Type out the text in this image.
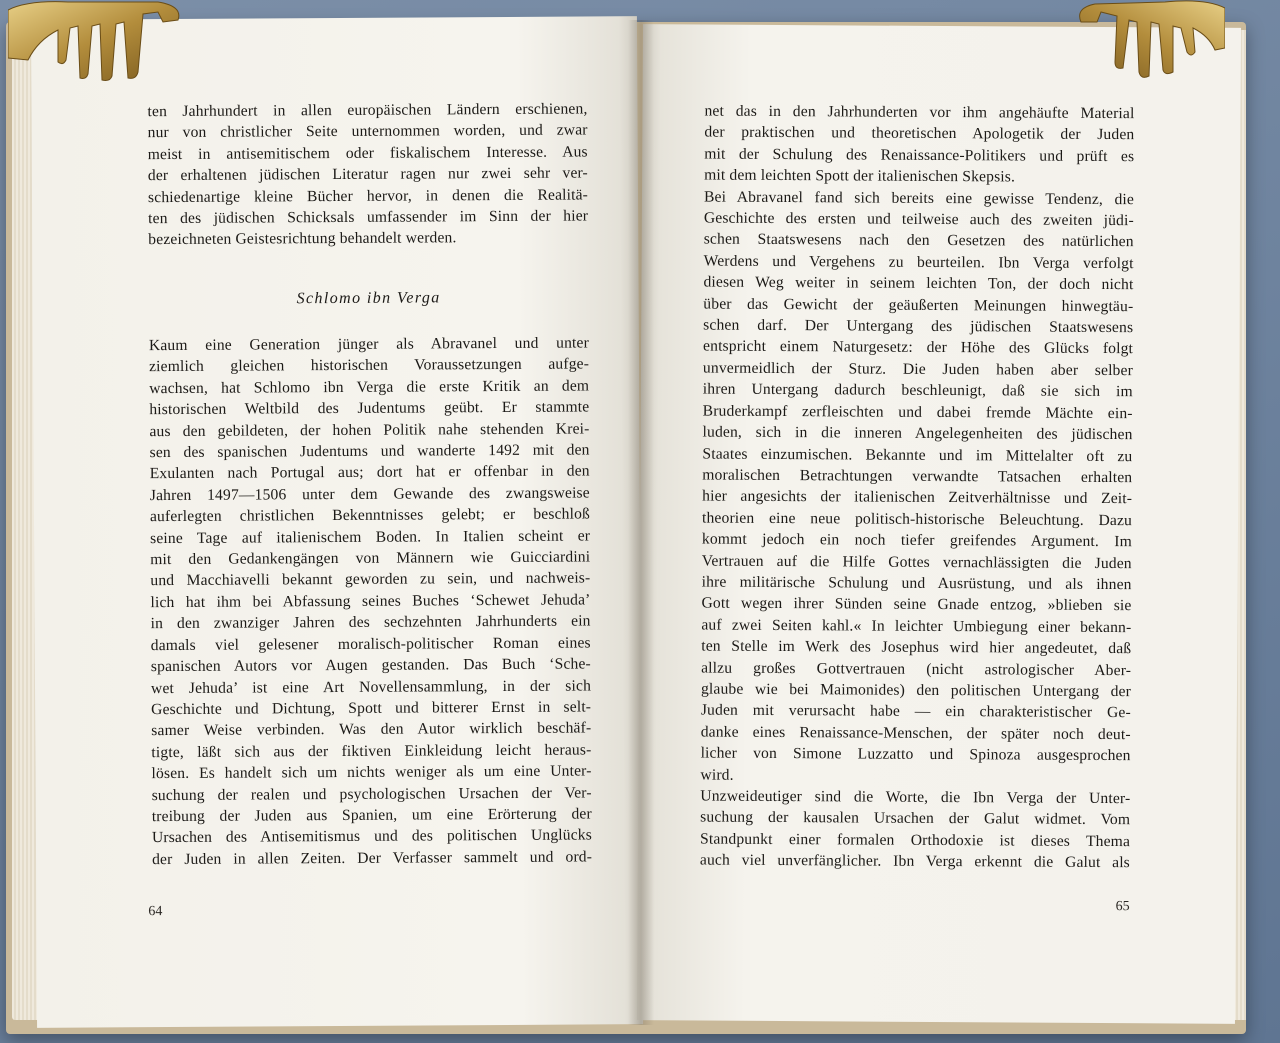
ten Jahrhundert in allen europäischen Ländern erschienen,
nur von christlicher Seite unternommen worden, und zwar
meist in antisemitischem oder fiskalischem Interesse. Aus
der erhaltenen jüdischen Literatur ragen nur zwei sehr ver-
schiedenartige kleine Bücher hervor, in denen die Realitä-
ten des jüdischen Schicksals umfassender im Sinn der hier
bezeichneten Geistesrichtung behandelt werden.
Schlomo ibn Verga
Kaum eine Generation jünger als Abravanel und unter
ziemlich gleichen historischen Voraussetzungen aufge-
wachsen, hat Schlomo ibn Verga die erste Kritik an dem
historischen Weltbild des Judentums geübt. Er stammte
aus den gebildeten, der hohen Politik nahe stehenden Krei-
sen des spanischen Judentums und wanderte 1492 mit den
Exulanten nach Portugal aus; dort hat er offenbar in den
Jahren 1497—1506 unter dem Gewande des zwangsweise
auferlegten christlichen Bekenntnisses gelebt; er beschloß
seine Tage auf italienischem Boden. In Italien scheint er
mit den Gedankengängen von Männern wie Guicciardini
und Macchiavelli bekannt geworden zu sein, und nachweis-
lich hat ihm bei Abfassung seines Buches ‘Schewet Jehuda’
in den zwanziger Jahren des sechzehnten Jahrhunderts ein
damals viel gelesener moralisch-politischer Roman eines
spanischen Autors vor Augen gestanden. Das Buch ‘Sche-
wet Jehuda’ ist eine Art Novellensammlung, in der sich
Geschichte und Dichtung, Spott und bitterer Ernst in selt-
samer Weise verbinden. Was den Autor wirklich beschäf-
tigte, läßt sich aus der fiktiven Einkleidung leicht heraus-
lösen. Es handelt sich um nichts weniger als um eine Unter-
suchung der realen und psychologischen Ursachen der Ver-
treibung der Juden aus Spanien, um eine Erörterung der
Ursachen des Antisemitismus und des politischen Unglücks
der Juden in allen Zeiten. Der Verfasser sammelt und ord-
64
net das in den Jahrhunderten vor ihm angehäufte Material
der praktischen und theoretischen Apologetik der Juden
mit der Schulung des Renaissance-Politikers und prüft es
mit dem leichten Spott der italienischen Skepsis.
Bei Abravanel fand sich bereits eine gewisse Tendenz, die
Geschichte des ersten und teilweise auch des zweiten jüdi-
schen Staatswesens nach den Gesetzen des natürlichen
Werdens und Vergehens zu beurteilen. Ibn Verga verfolgt
diesen Weg weiter in seinem leichten Ton, der doch nicht
über das Gewicht der geäußerten Meinungen hinwegtäu-
schen darf. Der Untergang des jüdischen Staatswesens
entspricht einem Naturgesetz: der Höhe des Glücks folgt
unvermeidlich der Sturz. Die Juden haben aber selber
ihren Untergang dadurch beschleunigt, daß sie sich im
Bruderkampf zerfleischten und dabei fremde Mächte ein-
luden, sich in die inneren Angelegenheiten des jüdischen
Staates einzumischen. Bekannte und im Mittelalter oft zu
moralischen Betrachtungen verwandte Tatsachen erhalten
hier angesichts der italienischen Zeitverhältnisse und Zeit-
theorien eine neue politisch-historische Beleuchtung. Dazu
kommt jedoch ein noch tiefer greifendes Argument. Im
Vertrauen auf die Hilfe Gottes vernachlässigten die Juden
ihre militärische Schulung und Ausrüstung, und als ihnen
Gott wegen ihrer Sünden seine Gnade entzog, »blieben sie
auf zwei Seiten kahl.« In leichter Umbiegung einer bekann-
ten Stelle im Werk des Josephus wird hier angedeutet, daß
allzu großes Gottvertrauen (nicht astrologischer Aber-
glaube wie bei Maimonides) den politischen Untergang der
Juden mit verursacht habe — ein charakteristischer Ge-
danke eines Renaissance-Menschen, der später noch deut-
licher von Simone Luzzatto und Spinoza ausgesprochen
wird.
Unzweideutiger sind die Worte, die Ibn Verga der Unter-
suchung der kausalen Ursachen der Galut widmet. Vom
Standpunkt einer formalen Orthodoxie ist dieses Thema
auch viel unverfänglicher. Ibn Verga erkennt die Galut als
65
